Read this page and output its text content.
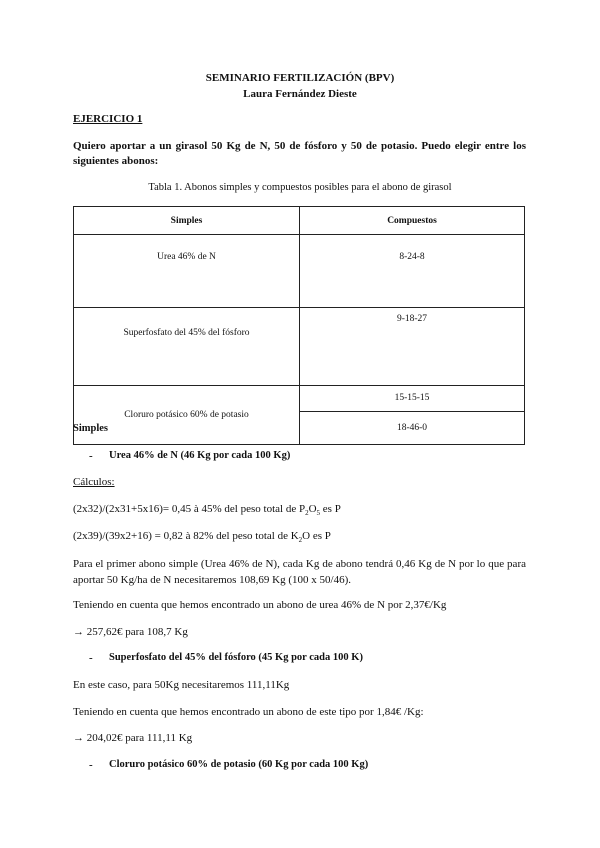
SEMINARIO FERTILIZACIÓN (BPV)
Laura Fernández Dieste
EJERCICIO 1
Quiero aportar a un girasol 50 Kg de N, 50 de fósforo y 50 de potasio. Puedo elegir entre los siguientes abonos:
Tabla 1. Abonos simples y compuestos posibles para el abono de girasol
Simples	Compuestos
Urea 46% de N	8-24-8
Superfosfato del 45% del fósforo	9-18-27
Cloruro potásico 60% de potasio	15-15-15
	18-46-0
Simples
- Urea 46% de N (46 Kg por cada 100 Kg)
Cálculos:
(2x32)/(2x31+5x16)= 0,45 à 45% del peso total de $P_2O_5$ es P
(2x39)/(39x2+16) = 0,82 à 82% del peso total de $K_2O$ es P
Para el primer abono simple (Urea 46% de N), cada Kg de abono tendrá 0,46 Kg de N por lo que para aportar 50 Kg/ha de N necesitaremos 108,69 Kg (100 x 50/46).
Teniendo en cuenta que hemos encontrado un abono de urea 46% de N por 2,37€/Kg
→ 257,62€ para 108,7 Kg
- Superfosfato del 45% del fósforo (45 Kg por cada 100 K)
En este caso, para 50Kg necesitaremos 111,11Kg
Teniendo en cuenta que hemos encontrado un abono de este tipo por 1,84€ /Kg:
→ 204,02€ para 111,11 Kg
- Cloruro potásico 60% de potasio (60 Kg por cada 100 Kg)
